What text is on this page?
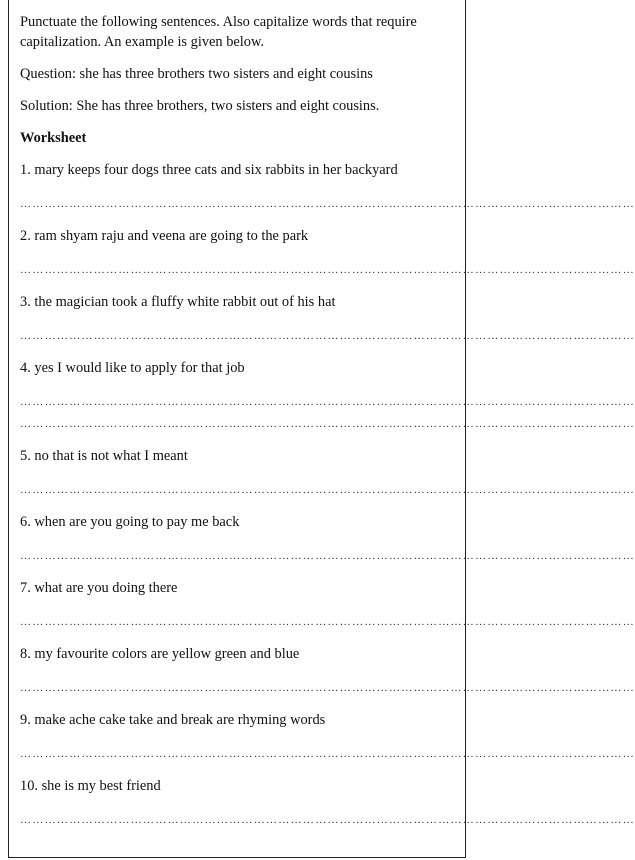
Punctuate the following sentences. Also capitalize words that require capitalization. An example is given below.

Question: she has three brothers two sisters and eight cousins

Solution: She has three brothers, two sisters and eight cousins.

Worksheet

1. mary keeps four dogs three cats and six rabbits in her backyard

……………………………………………………………………………………………………………………………………

2. ram shyam raju and veena are going to the park

……………………………………………………………………………………………………………………………………

3. the magician took a fluffy white rabbit out of his hat

……………………………………………………………………………………………………………………………………

4. yes I would like to apply for that job

……………………………………………………………………………………………………………………………………
……………………………………………………………………………………………………………………………………

5. no that is not what I meant

……………………………………………………………………………………………………………………………………

6. when are you going to pay me back

……………………………………………………………………………………………………………………………………

7. what are you doing there

……………………………………………………………………………………………………………………………………

8. my favourite colors are yellow green and blue

……………………………………………………………………………………………………………………………………

9. make ache cake take and break are rhyming words

……………………………………………………………………………………………………………………………………

10. she is my best friend

……………………………………………………………………………………………………………………………………
